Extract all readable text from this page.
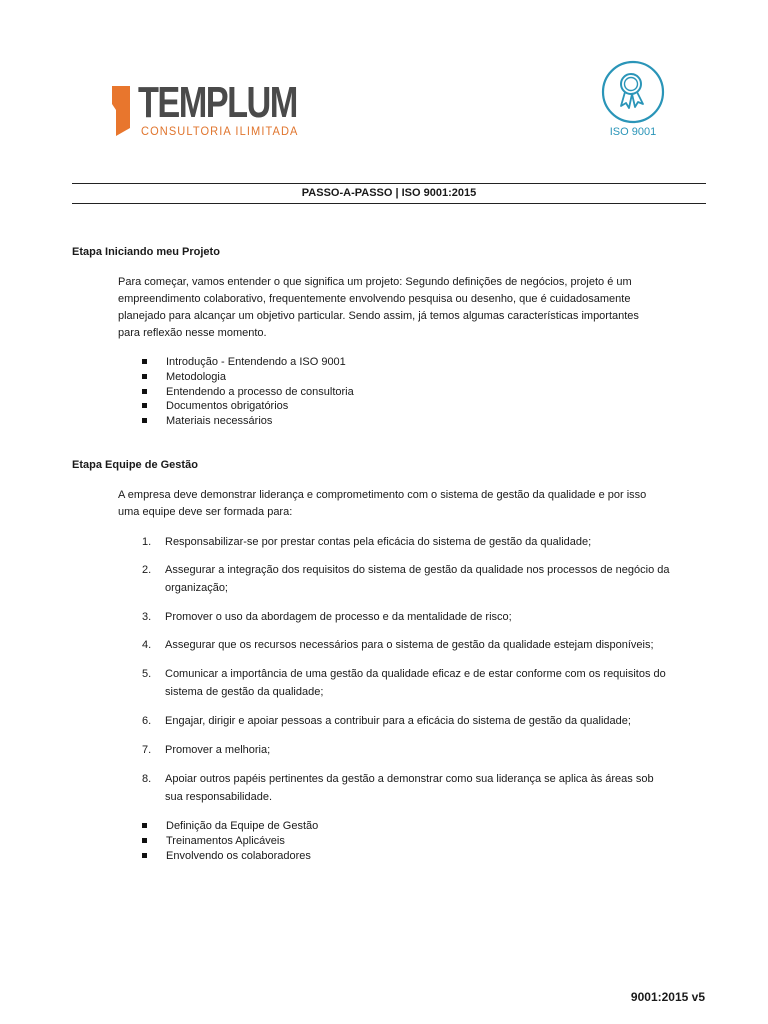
TEMPLUM
CONSULTORIA ILIMITADA	ISO 9001
PASSO-A-PASSO | ISO 9001:2015
Etapa Iniciando meu Projeto

Para começar, vamos entender o que significa um projeto: Segundo definições de negócios, projeto é um

empreendimento colaborativo, frequentemente envolvendo pesquisa ou desenho, que é cuidadosamente

planejado para alcançar um objetivo particular. Sendo assim, já temos algumas características importantes

para reflexão nesse momento.

Introdução - Entendendo a ISO 9001
Metodologia
Entendendo a processo de consultoria
Documentos obrigatórios
Materiais necessários
Etapa Equipe de Gestão

A empresa deve demonstrar liderança e comprometimento com o sistema de gestão da qualidade e por isso

uma equipe deve ser formada para:

1. Responsabilizar-se por prestar contas pela eficácia do sistema de gestão da qualidade;
2. Assegurar a integração dos requisitos do sistema de gestão da qualidade nos processos de negócio da
organização;
3. Promover o uso da abordagem de processo e da mentalidade de risco;
4. Assegurar que os recursos necessários para o sistema de gestão da qualidade estejam disponíveis;
5. Comunicar a importância de uma gestão da qualidade eficaz e de estar conforme com os requisitos do
sistema de gestão da qualidade;
6. Engajar, dirigir e apoiar pessoas a contribuir para a eficácia do sistema de gestão da qualidade;
7. Promover a melhoria;
8. Apoiar outros papéis pertinentes da gestão a demonstrar como sua liderança se aplica às áreas sob
sua responsabilidade.
Definição da Equipe de Gestão
Treinamentos Aplicáveis
Envolvendo os colaboradores
9001:2015 v5
